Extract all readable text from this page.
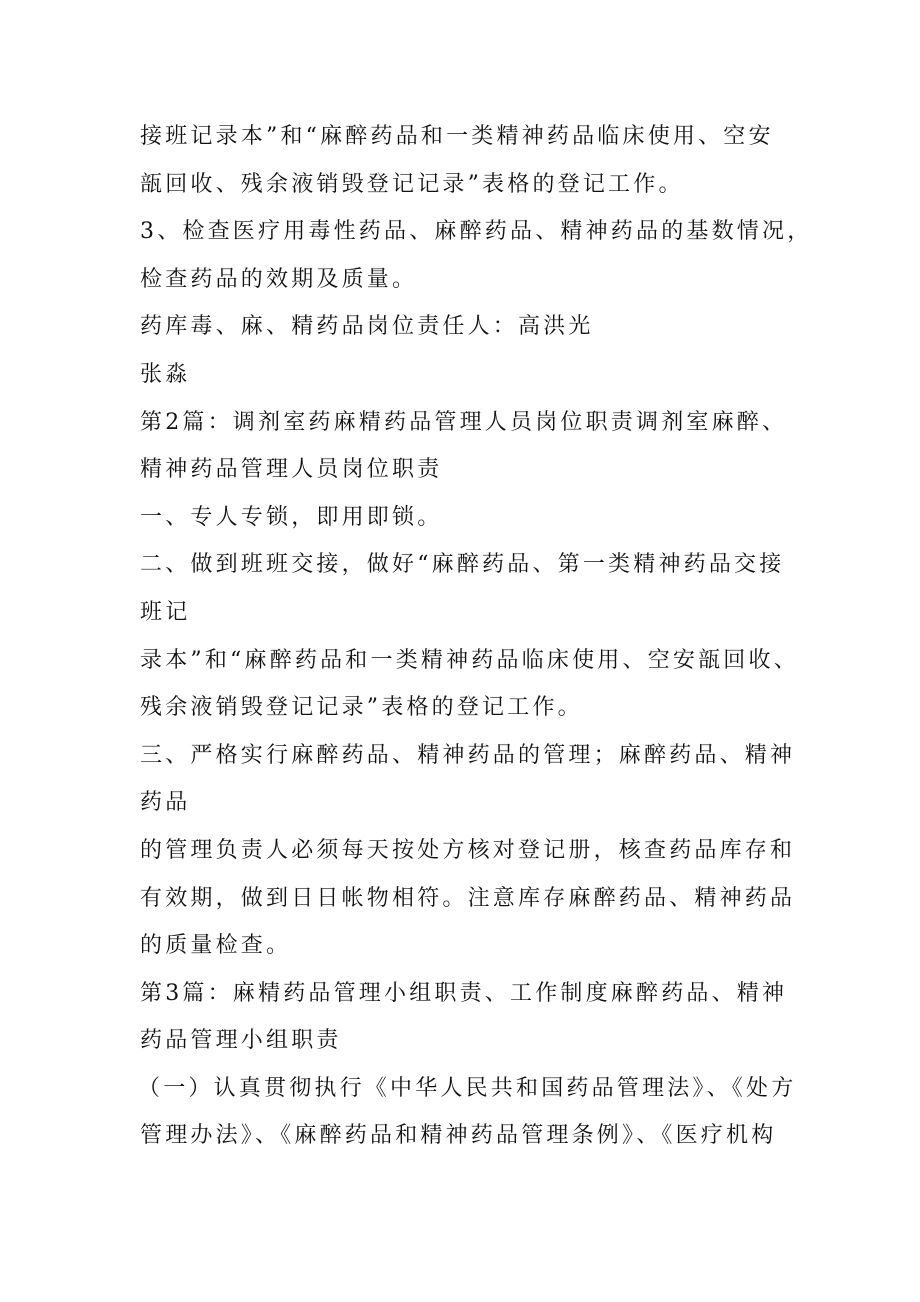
接班记录本”和“麻醉药品和一类精神药品临床使用、空安

瓿回收、残余液销毁登记记录”表格的登记工作。

3、检查医疗用毒性药品、麻醉药品、精神药品的基数情况，

检查药品的效期及质量。

药库毒、麻、精药品岗位责任人：高洪光

张淼

第2篇：调剂室药麻精药品管理人员岗位职责调剂室麻醉、

精神药品管理人员岗位职责

一、专人专锁，即用即锁。

二、做到班班交接，做好“麻醉药品、第一类精神药品交接

班记

录本”和“麻醉药品和一类精神药品临床使用、空安瓿回收、

残余液销毁登记记录”表格的登记工作。

三、严格实行麻醉药品、精神药品的管理；麻醉药品、精神

药品

的管理负责人必须每天按处方核对登记册，核查药品库存和

有效期，做到日日帐物相符。注意库存麻醉药品、精神药品

的质量检查。

第3篇：麻精药品管理小组职责、工作制度麻醉药品、精神

药品管理小组职责

（一）认真贯彻执行《中华人民共和国药品管理法》、《处方

管理办法》、《麻醉药品和精神药品管理条例》、《医疗机构
